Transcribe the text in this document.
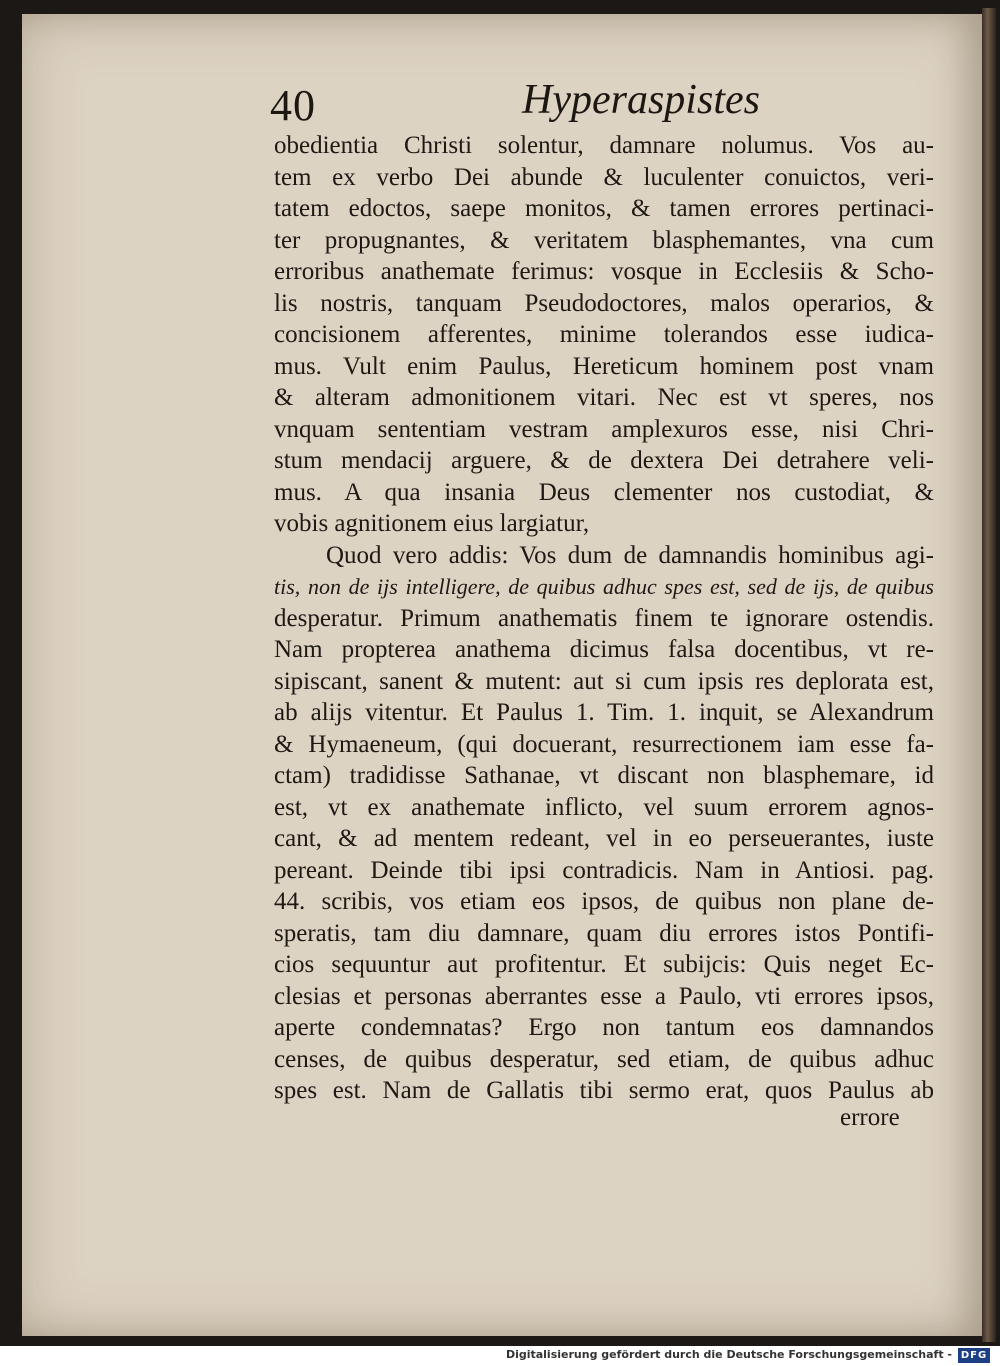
40	Hyperaspistes
obedientia Christi solentur, damnare nolumus. Vos au-
tem ex verbo Dei abunde & luculenter conuictos, veri-
tatem edoctos, saepe monitos, & tamen errores pertinaci-
ter propugnantes, & veritatem blasphemantes, vna cum
erroribus anathemate ferimus: vosque in Ecclesiis & Scho-
lis nostris, tanquam Pseudodoctores, malos operarios, &
concisionem afferentes, minime tolerandos esse iudica-
mus. Vult enim Paulus, Hereticum hominem post vnam
& alteram admonitionem vitari. Nec est vt speres, nos
vnquam sententiam vestram amplexuros esse, nisi Chri-
stum mendacij arguere, & de dextera Dei detrahere veli-
mus. A qua insania Deus clementer nos custodiat, &
vobis agnitionem eius largiatur,
Quod vero addis: Vos dum de damnandis hominibus agi-
tis, non de ijs intelligere, de quibus adhuc spes est, sed de ijs, de quibus
desperatur. Primum anathematis finem te ignorare ostendis.
Nam propterea anathema dicimus falsa docentibus, vt re-
sipiscant, sanent & mutent: aut si cum ipsis res deplorata est,
ab alijs vitentur. Et Paulus 1. Tim. 1. inquit, se Alexandrum
& Hymaeneum, (qui docuerant, resurrectionem iam esse fa-
ctam) tradidisse Sathanae, vt discant non blasphemare, id
est, vt ex anathemate inflicto, vel suum errorem agnos-
cant, & ad mentem redeant, vel in eo perseuerantes, iuste
pereant. Deinde tibi ipsi contradicis. Nam in Antiosi. pag.
44. scribis, vos etiam eos ipsos, de quibus non plane de-
speratis, tam diu damnare, quam diu errores istos Pontifi-
cios sequuntur aut profitentur. Et subijcis: Quis neget Ec-
clesias et personas aberrantes esse a Paulo, vti errores ipsos,
aperte condemnatas? Ergo non tantum eos damnandos
censes, de quibus desperatur, sed etiam, de quibus adhuc
spes est. Nam de Gallatis tibi sermo erat, quos Paulus ab
errore
Digitalisierung gefördert durch die Deutsche Forschungsgemeinschaft - DFG
